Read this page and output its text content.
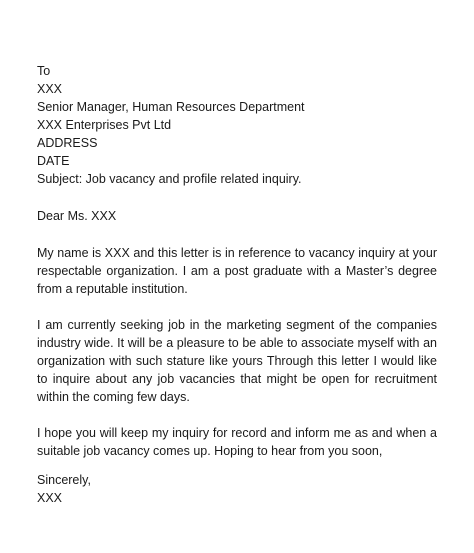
To
XXX
Senior Manager, Human Resources Department
XXX Enterprises Pvt Ltd
ADDRESS
DATE
Subject: Job vacancy and profile related inquiry.
Dear Ms. XXX

My name is XXX and this letter is in reference to vacancy inquiry at your respectable organization. I am a post graduate with a Master’s degree from a reputable institution.

I am currently seeking job in the marketing segment of the companies industry wide. It will be a pleasure to be able to associate myself with an organization with such stature like yours Through this letter I would like to inquire about any job vacancies that might be open for recruitment within the coming few days.

I hope you will keep my inquiry for record and inform me as and when a suitable job vacancy comes up. Hoping to hear from you soon,

Sincerely,
XXX
